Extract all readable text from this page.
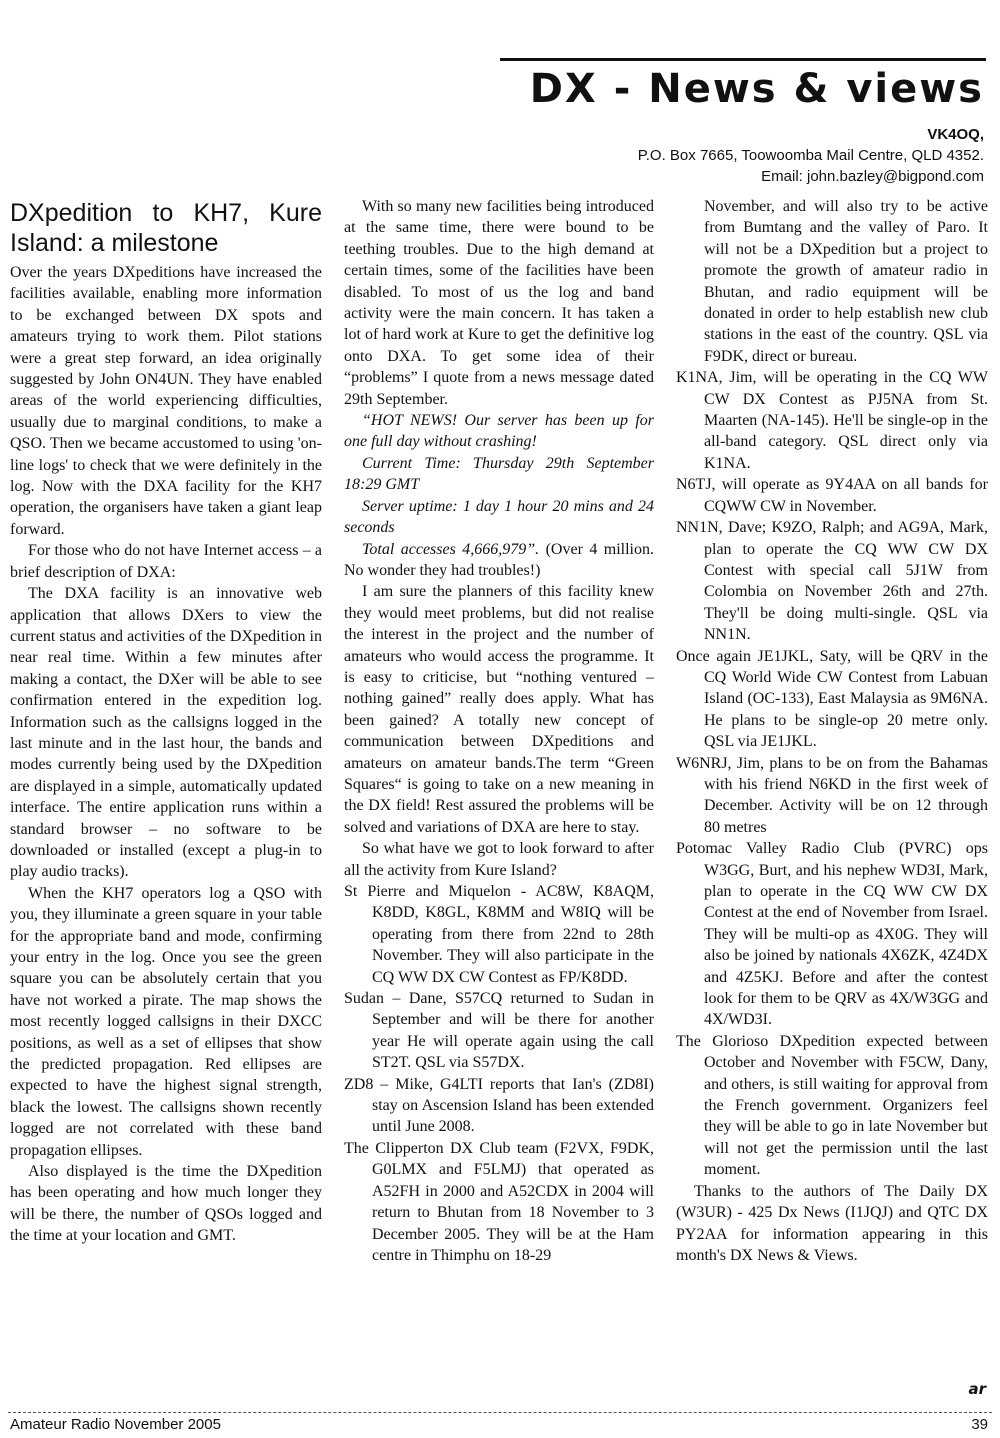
DX - News & views
VK4OQ,
P.O. Box 7665, Toowoomba Mail Centre, QLD 4352.
Email: john.bazley@bigpond.com
DXpedition to KH7, Kure Island: a milestone

Over the years DXpeditions have increased the facilities available, enabling more information to be exchanged between DX spots and amateurs trying to work them. Pilot stations were a great step forward, an idea originally suggested by John ON4UN. They have enabled areas of the world experiencing difficulties, usually due to marginal conditions, to make a QSO. Then we became accustomed to using 'on-line logs' to check that we were definitely in the log. Now with the DXA facility for the KH7 operation, the organisers have taken a giant leap forward.

For those who do not have Internet access – a brief description of DXA:

The DXA facility is an innovative web application that allows DXers to view the current status and activities of the DXpedition in near real time. Within a few minutes after making a contact, the DXer will be able to see confirmation entered in the expedition log. Information such as the callsigns logged in the last minute and in the last hour, the bands and modes currently being used by the DXpedition are displayed in a simple, automatically updated interface. The entire application runs within a standard browser – no software to be downloaded or installed (except a plug-in to play audio tracks).

When the KH7 operators log a QSO with you, they illuminate a green square in your table for the appropriate band and mode, confirming your entry in the log. Once you see the green square you can be absolutely certain that you have not worked a pirate. The map shows the most recently logged callsigns in their DXCC positions, as well as a set of ellipses that show the predicted propagation. Red ellipses are expected to have the highest signal strength, black the lowest. The callsigns shown recently logged are not correlated with these band propagation ellipses.

Also displayed is the time the DXpedition has been operating and how much longer they will be there, the number of QSOs logged and the time at your location and GMT.

With so many new facilities being introduced at the same time, there were bound to be teething troubles. Due to the high demand at certain times, some of the facilities have been disabled. To most of us the log and band activity were the main concern. It has taken a lot of hard work at Kure to get the definitive log onto DXA. To get some idea of their “problems” I quote from a news message dated 29th September.

“HOT NEWS! Our server has been up for one full day without crashing!

Current Time: Thursday 29th September 18:29 GMT

Server uptime: 1 day 1 hour 20 mins and 24 seconds

Total accesses 4,666,979”. (Over 4 million. No wonder they had troubles!)

I am sure the planners of this facility knew they would meet problems, but did not realise the interest in the project and the number of amateurs who would access the programme. It is easy to criticise, but “nothing ventured – nothing gained” really does apply. What has been gained? A totally new concept of communication between DXpeditions and amateurs on amateur bands.The term “Green Squares“ is going to take on a new meaning in the DX field! Rest assured the problems will be solved and variations of DXA are here to stay.

So what have we got to look forward to after all the activity from Kure Island?

St Pierre and Miquelon - AC8W, K8AQM, K8DD, K8GL, K8MM and W8IQ will be operating from there from 22nd to 28th November. They will also participate in the CQ WW DX CW Contest as FP/K8DD.

Sudan – Dane, S57CQ returned to Sudan in September and will be there for another year He will operate again using the call ST2T. QSL via S57DX.

ZD8 – Mike, G4LTI reports that Ian's (ZD8I) stay on Ascension Island has been extended until June 2008.

The Clipperton DX Club team (F2VX, F9DK, G0LMX and F5LMJ) that operated as A52FH in 2000 and A52CDX in 2004 will return to Bhutan from 18 November to 3 December 2005. They will be at the Ham centre in Thimphu on 18-29

November, and will also try to be active from Bumtang and the valley of Paro. It will not be a DXpedition but a project to promote the growth of amateur radio in Bhutan, and radio equipment will be donated in order to help establish new club stations in the east of the country. QSL via F9DK, direct or bureau.

K1NA, Jim, will be operating in the CQ WW CW DX Contest as PJ5NA from St. Maarten (NA-145). He'll be single-op in the all-band category. QSL direct only via K1NA.

N6TJ, will operate as 9Y4AA on all bands for CQWW CW in November.

NN1N, Dave; K9ZO, Ralph; and AG9A, Mark, plan to operate the CQ WW CW DX Contest with special call 5J1W from Colombia on November 26th and 27th. They'll be doing multi-single. QSL via NN1N.

Once again JE1JKL, Saty, will be QRV in the CQ World Wide CW Contest from Labuan Island (OC-133), East Malaysia as 9M6NA. He plans to be single-op 20 metre only. QSL via JE1JKL.

W6NRJ, Jim, plans to be on from the Bahamas with his friend N6KD in the first week of December. Activity will be on 12 through 80 metres

Potomac Valley Radio Club (PVRC) ops W3GG, Burt, and his nephew WD3I, Mark, plan to operate in the CQ WW CW DX Contest at the end of November from Israel. They will be multi-op as 4X0G. They will also be joined by nationals 4X6ZK, 4Z4DX and 4Z5KJ. Before and after the contest look for them to be QRV as 4X/W3GG and 4X/WD3I.

The Glorioso DXpedition expected between October and November with F5CW, Dany, and others, is still waiting for approval from the French government. Organizers feel they will be able to go in late November but will not get the permission until the last moment.

Thanks to the authors of The Daily DX (W3UR) - 425 Dx News (I1JQJ) and QTC DX PY2AA for information appearing in this month's DX News & Views.

ar
Amateur Radio November 2005	39
